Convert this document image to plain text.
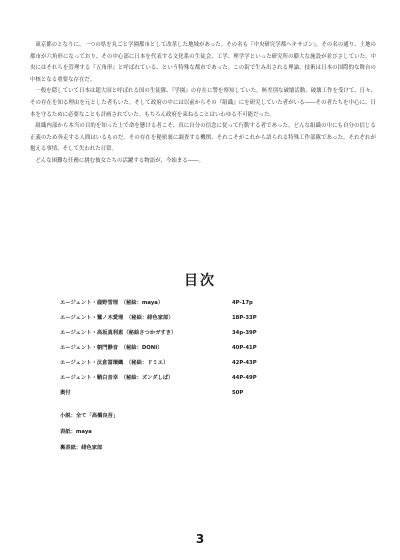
東京都のとなりに、一つの県を丸ごと学園都市として改革した地域があった。その名も『中央研究学都ヘキサゴン』。その名の通り、土地の都市が六角形になっており、その中心部に日本を代表する文化系の生徒会、工学、理学学といった研究所の膨大な施設が並びさしていた。中央にはそれらを管理する『五角形』と呼ばれている、という特殊な都市であった。この街で生み出される理論、技術は日本の国際的な舞台の中核となる重要な存在だ。

一般を隠していて日本は超大国と呼ばれる国の生徒隊、『学園』の存在に警を察知していた。無差別な破壊活動、破壊工作を受けて、日々、その存在を知る理由を元とした者もいた。そして政府の中には以前からその『組織』にを研究していた者がいる――その者たちを中心に、日本を守るために必要なことも計画されていた。もちろん政府を束ねることはいわゆる不可能だった。

組織内部から本当の目的を知った上で命を懸ける者こそ、真に自分の信念に従って行動する者であった。どんな組織の中にも自分の信じる正義のため奔走する人間はいるものだ。その存在を秘密裏に調査する機関、それこそがこれから語られる特殊工作部隊であった。それぞれが抱える事情、そして失われた日常。

どんな困難な任務に挑む彼女たちの活躍する物語が、今始まる――。

目次
エージェント・鹿野雪理　（秘絵：maya）	4P-17p
エージェント・鷲ノ木愛理　（秘絵：緋色家郎）	18P-33P
エージェント・高坂真利恵（秘絵さつかガすき）	34p-39P
エージェント・朝門静音　（秘絵：DONI）	40P-41P
エージェント・汰倉冨環織　（秘絵：ドミエ）	42P-43P
エージェント・鞘白音幸　（秘絵：ズンダしぱ）	44P-49P
奥付	50P
小説：全て「高橋良吾」
表紙：maya
裏表紙：緋色家郎
3
